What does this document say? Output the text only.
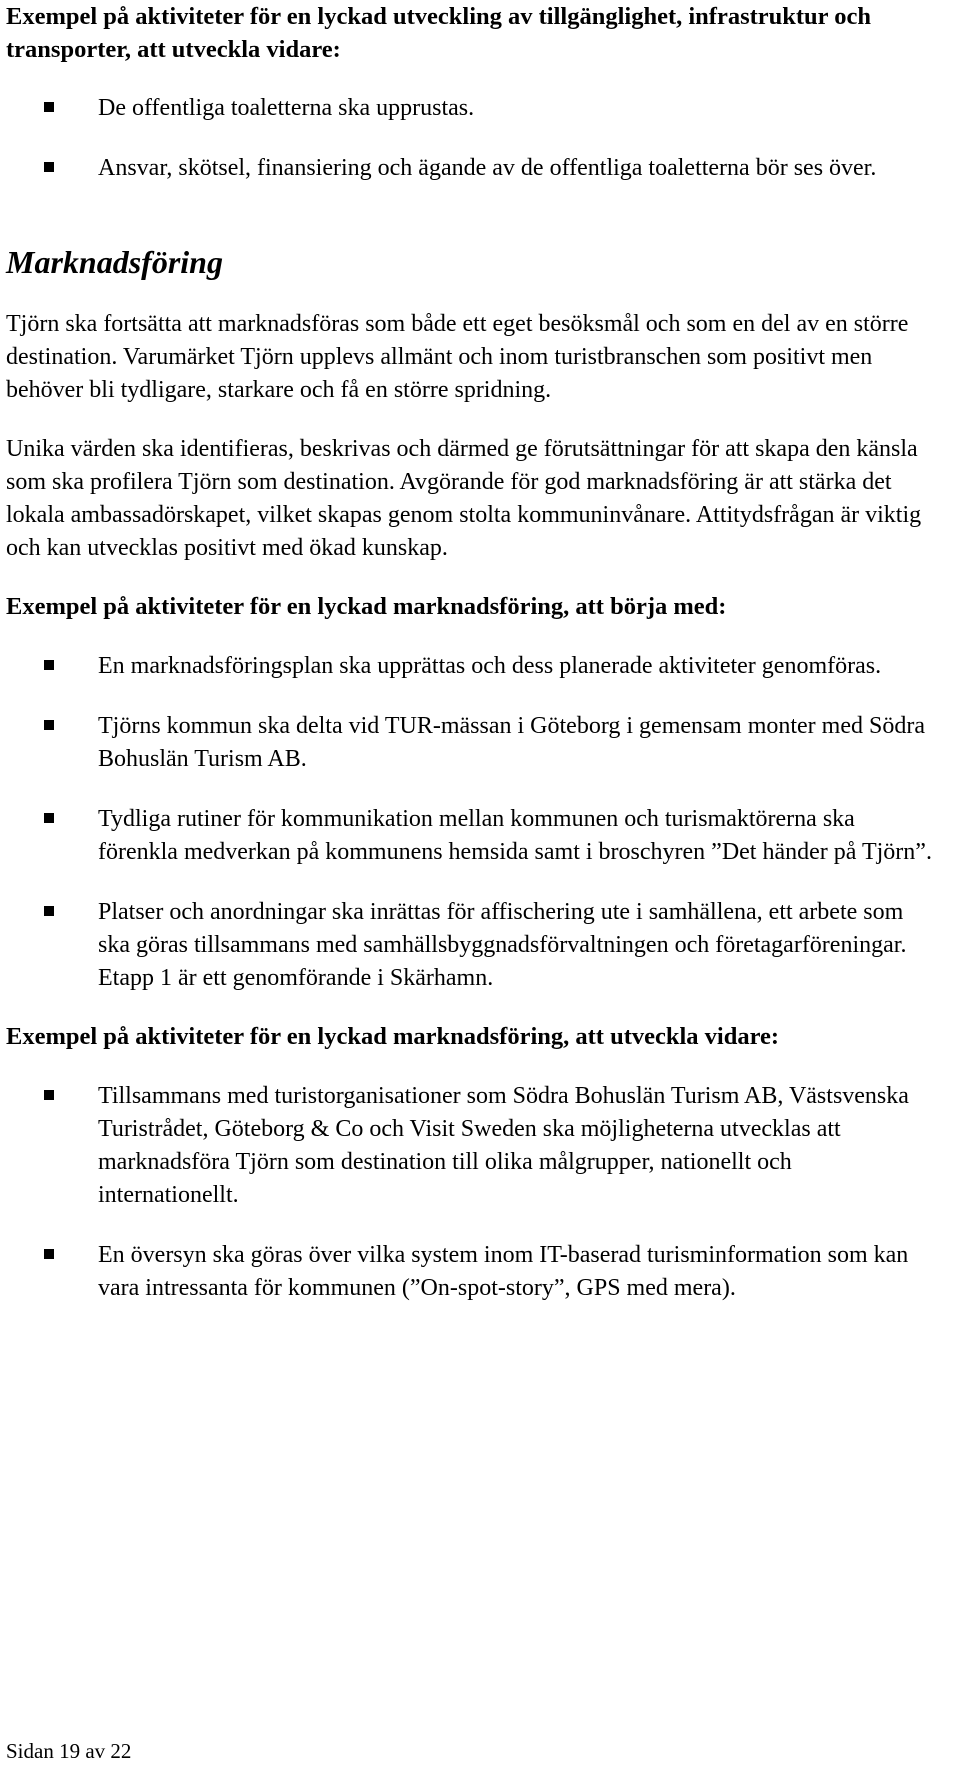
Exempel på aktiviteter för en lyckad utveckling av tillgänglighet, infrastruktur och transporter, att utveckla vidare:

De offentliga toaletterna ska upprustas.
Ansvar, skötsel, finansiering och ägande av de offentliga toaletterna bör ses över.
Marknadsföring

Tjörn ska fortsätta att marknadsföras som både ett eget besöksmål och som en del av en större destination. Varumärket Tjörn upplevs allmänt och inom turistbranschen som positivt men behöver bli tydligare, starkare och få en större spridning.

Unika värden ska identifieras, beskrivas och därmed ge förutsättningar för att skapa den känsla som ska profilera Tjörn som destination. Avgörande för god marknadsföring är att stärka det lokala ambassadörskapet, vilket skapas genom stolta kommuninvånare. Attitydsfrågan är viktig och kan utvecklas positivt med ökad kunskap.

Exempel på aktiviteter för en lyckad marknadsföring, att börja med:

En marknadsföringsplan ska upprättas och dess planerade aktiviteter genomföras.
Tjörns kommun ska delta vid TUR-mässan i Göteborg i gemensam monter med Södra Bohuslän Turism AB.
Tydliga rutiner för kommunikation mellan kommunen och turismaktörerna ska förenkla medverkan på kommunens hemsida samt i broschyren ”Det händer på Tjörn”.
Platser och anordningar ska inrättas för affischering ute i samhällena, ett arbete som ska göras tillsammans med samhällsbyggnadsförvaltningen och företagarföreningar. Etapp 1 är ett genomförande i Skärhamn.

Exempel på aktiviteter för en lyckad marknadsföring, att utveckla vidare:

Tillsammans med turistorganisationer som Södra Bohuslän Turism AB, Västsvenska Turistrådet, Göteborg & Co och Visit Sweden ska möjligheterna utvecklas att marknadsföra Tjörn som destination till olika målgrupper, nationellt och internationellt.
En översyn ska göras över vilka system inom IT-baserad turisminformation som kan vara intressanta för kommunen (”On-spot-story”, GPS med mera).
Sidan 19 av 22
